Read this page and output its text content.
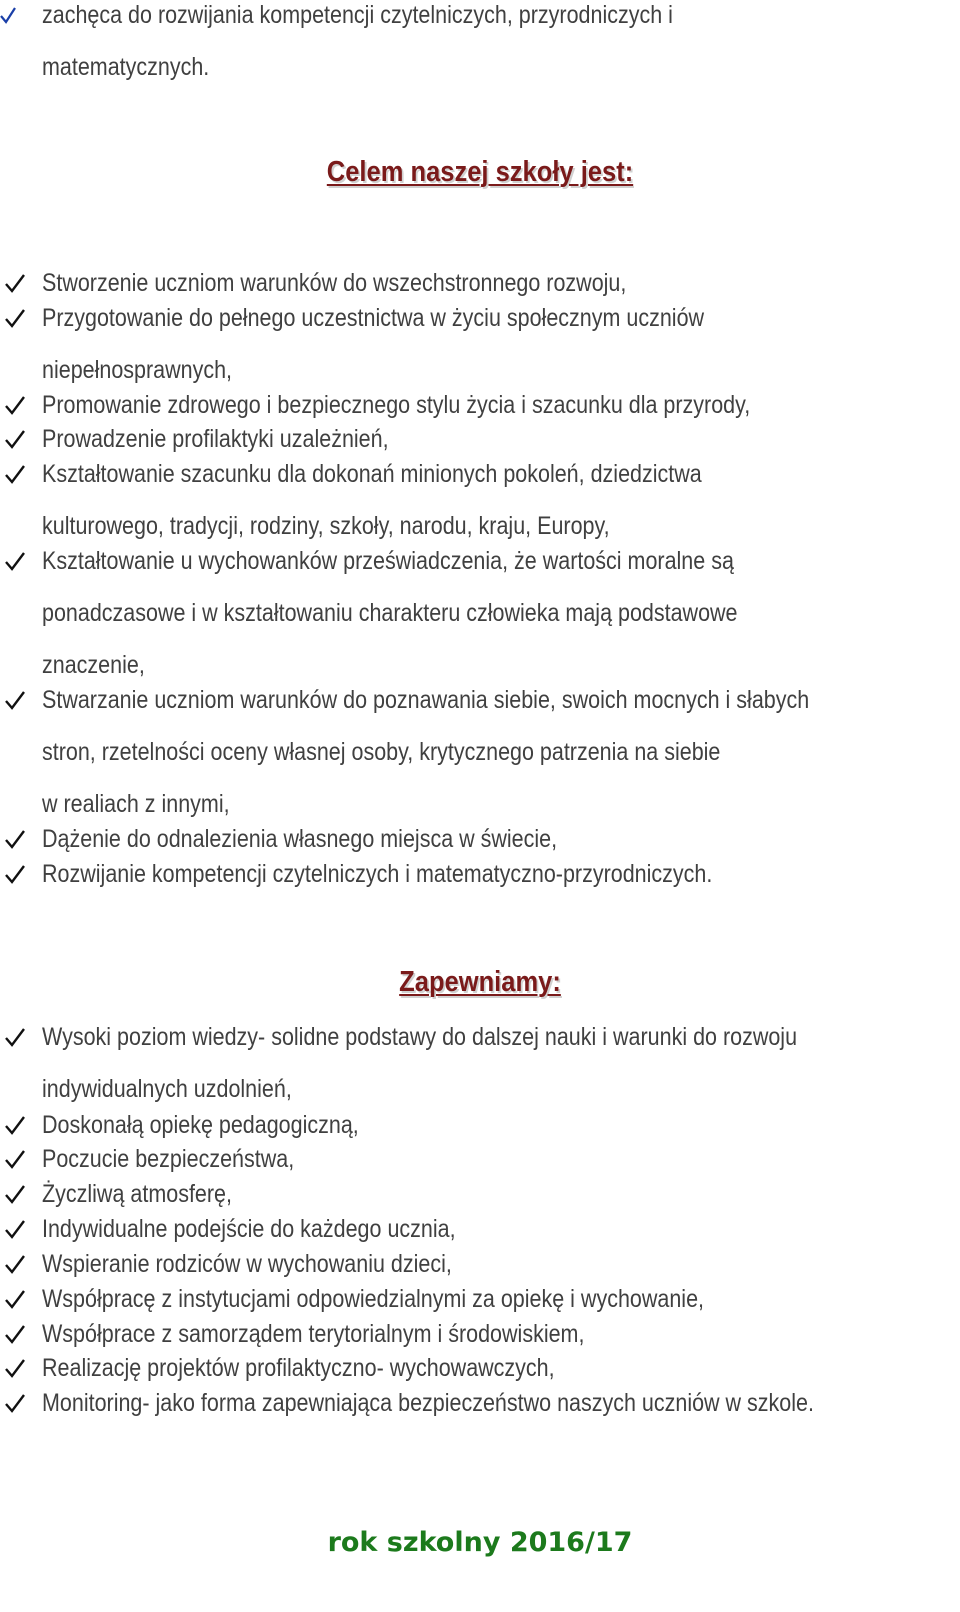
zachęca do rozwijania kompetencji czytelniczych, przyrodniczych i
matematycznych.
Celem naszej szkoły jest:
Stworzenie uczniom warunków do wszechstronnego rozwoju,
Przygotowanie do pełnego uczestnictwa w życiu społecznym uczniów
niepełnosprawnych,
Promowanie zdrowego i bezpiecznego stylu życia i szacunku dla przyrody,
Prowadzenie profilaktyki uzależnień,
Kształtowanie szacunku dla dokonań minionych pokoleń, dziedzictwa
kulturowego, tradycji, rodziny, szkoły, narodu, kraju, Europy,
Kształtowanie u wychowanków przeświadczenia, że wartości moralne są
ponadczasowe i w kształtowaniu charakteru człowieka mają podstawowe
znaczenie,
Stwarzanie uczniom warunków do poznawania siebie, swoich mocnych i słabych
stron, rzetelności oceny własnej osoby, krytycznego patrzenia na siebie
w realiach z innymi,
Dążenie do odnalezienia własnego miejsca w świecie,
Rozwijanie kompetencji czytelniczych i matematyczno-przyrodniczych.
Zapewniamy:
Wysoki poziom wiedzy- solidne podstawy do dalszej nauki i warunki do rozwoju
indywidualnych uzdolnień,
Doskonałą opiekę pedagogiczną,
Poczucie bezpieczeństwa,
Życzliwą atmosferę,
Indywidualne podejście do każdego ucznia,
Wspieranie rodziców w wychowaniu dzieci,
Współpracę z instytucjami odpowiedzialnymi za opiekę i wychowanie,
Współprace z samorządem terytorialnym i środowiskiem,
Realizację projektów profilaktyczno- wychowawczych,
Monitoring- jako forma zapewniająca bezpieczeństwo naszych uczniów w szkole.
rok szkolny 2016/17
